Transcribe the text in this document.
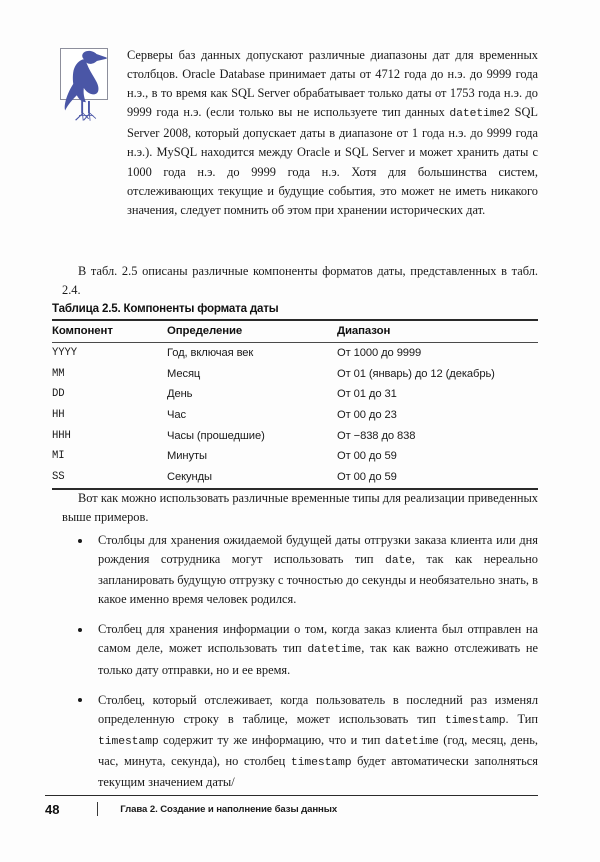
Серверы баз данных допускают различные диапазоны дат для временных столбцов. Oracle Database принимает даты от 4712 года до н.э. до 9999 года н.э., в то время как SQL Server обрабатывает только даты от 1753 года н.э. до 9999 года н.э. (если только вы не используете тип данных datetime2 SQL Server 2008, который допускает даты в диапазоне от 1 года н.э. до 9999 года н.э.). MySQL находится между Oracle и SQL Server и может хранить даты с 1000 года н.э. до 9999 года н.э. Хотя для большинства систем, отслеживающих текущие и будущие события, это может не иметь никакого значения, следует помнить об этом при хранении исторических дат.

В табл. 2.5 описаны различные компоненты форматов даты, представленных в табл. 2.4.

Таблица 2.5. Компоненты формата даты
Компонент	Определение	Диапазон
YYYY	Год, включая век	От 1000 до 9999
MM	Месяц	От 01 (январь) до 12 (декабрь)
DD	День	От 01 до 31
HH	Час	От 00 до 23
HHH	Часы (прошедшие)	От −838 до 838
MI	Минуты	От 00 до 59
SS	Секунды	От 00 до 59

Вот как можно использовать различные временные типы для реализации приведенных выше примеров.

Столбцы для хранения ожидаемой будущей даты отгрузки заказа клиента или дня рождения сотрудника могут использовать тип date, так как нереально запланировать будущую отгрузку с точностью до секунды и необязательно знать, в какое именно время человек родился.
Столбец для хранения информации о том, когда заказ клиента был отправлен на самом деле, может использовать тип datetime, так как важно отслеживать не только дату отправки, но и ее время.
Столбец, который отслеживает, когда пользователь в последний раз изменял определенную строку в таблице, может использовать тип timestamp. Тип timestamp содержит ту же информацию, что и тип datetime (год, месяц, день, час, минута, секунда), но столбец timestamp будет автоматически заполняться текущим значением даты/
48	Глава 2. Создание и наполнение базы данных
